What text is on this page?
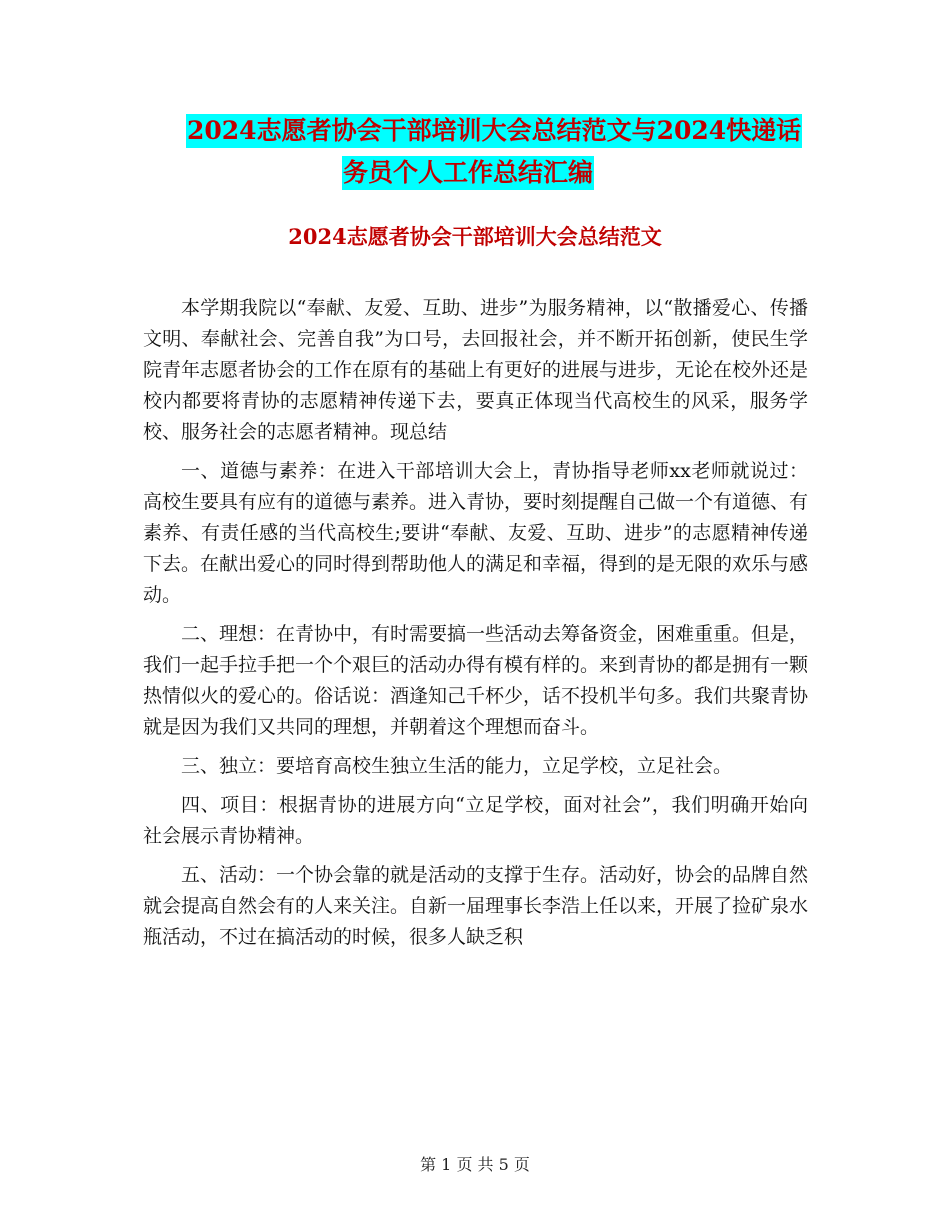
2024志愿者协会干部培训大会总结范文与2024快递话
务员个人工作总结汇编
2024志愿者协会干部培训大会总结范文

本学期我院以“奉献、友爱、互助、进步”为服务精神，以“散播爱心、传播文明、奉献社会、完善自我”为口号，去回报社会，并不断开拓创新，使民生学院青年志愿者协会的工作在原有的基础上有更好的进展与进步，无论在校外还是校内都要将青协的志愿精神传递下去，要真正体现当代高校生的风采，服务学校、服务社会的志愿者精神。现总结

一、道德与素养：在进入干部培训大会上，青协指导老师xx老师就说过：高校生要具有应有的道德与素养。进入青协，要时刻提醒自己做一个有道德、有素养、有责任感的当代高校生;要讲“奉献、友爱、互助、进步”的志愿精神传递下去。在献出爱心的同时得到帮助他人的满足和幸福，得到的是无限的欢乐与感动。

二、理想：在青协中，有时需要搞一些活动去筹备资金，困难重重。但是，我们一起手拉手把一个个艰巨的活动办得有模有样的。来到青协的都是拥有一颗热情似火的爱心的。俗话说：酒逢知己千杯少，话不投机半句多。我们共聚青协就是因为我们又共同的理想，并朝着这个理想而奋斗。

三、独立：要培育高校生独立生活的能力，立足学校，立足社会。

四、项目：根据青协的进展方向“立足学校，面对社会”，我们明确开始向社会展示青协精神。

五、活动：一个协会靠的就是活动的支撑于生存。活动好，协会的品牌自然就会提高自然会有的人来关注。自新一届理事长李浩上任以来，开展了捡矿泉水瓶活动，不过在搞活动的时候，很多人缺乏积

第 1 页 共 5 页
